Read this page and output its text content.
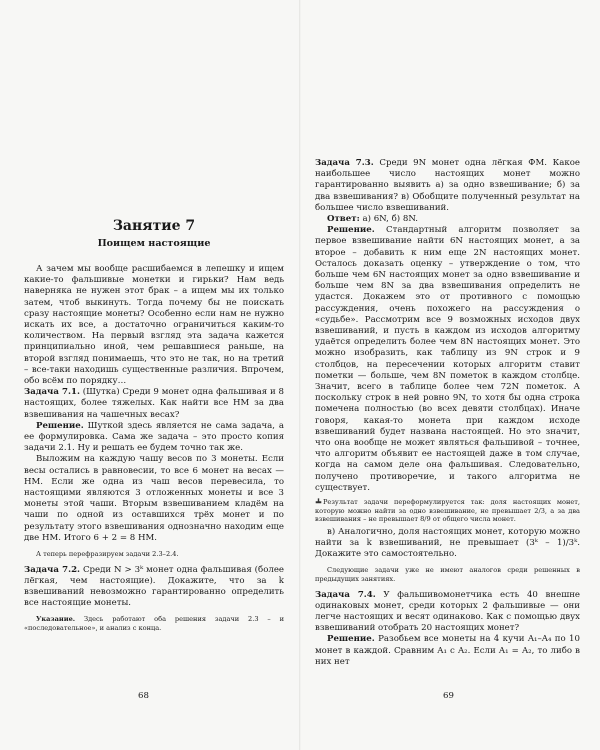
Занятие 7

Поищем настоящие

А зачем мы вообще расшибаемся в лепешку и ищем какие-то фальшивые монетки и гирьки? Нам ведь наверняка не нужен этот брак – а ищем мы их только затем, чтоб выкинуть. Тогда почему бы не поискать сразу настоящие монеты? Особенно если нам не нужно искать их все, а достаточно ограничиться каким-то количеством. На первый взгляд эта задача кажется принципиально иной, чем решавшиеся раньше, на второй взгляд понимаешь, что это не так, но на третий – все-таки находишь существенные различия. Впрочем, обо всём по порядку…

Задача 7.1. (Шутка) Среди 9 монет одна фальшивая и 8 настоящих, более тяжелых. Как найти все НМ за два взвешивания на чашечных весах?

Решение. Шуткой здесь является не сама задача, а ее формулировка. Сама же задача – это просто копия задачи 2.1. Ну и решать ее будем точно так же.

Выложим на каждую чашу весов по 3 монеты. Если весы остались в равновесии, то все 6 монет на весах — НМ. Если же одна из чаш весов перевесила, то настоящими являются 3 отложенных монеты и все 3 монеты этой чаши. Вторым взвешиванием кладём на чаши по одной из оставшихся трёх монет и по результату этого взвешивания однозначно находим еще две НМ. Итого 6 + 2 = 8 НМ.

А теперь перефразируем задачи 2.3–2.4.

Задача 7.2. Среди N > 3ᵏ монет одна фальшивая (более лёгкая, чем настоящие). Докажите, что за k взвешиваний невозможно гарантированно определить все настоящие монеты.

Указание. Здесь работают оба решения задачи 2.3 – и «последовательное», и анализ с конца.

68

Задача 7.3. Среди 9N монет одна лёгкая ФМ. Какое наибольшее число настоящих монет можно гарантированно выявить а) за одно взвешивание; б) за два взвешивания? в) Обобщите полученный результат на большее число взвешиваний.

Ответ: а) 6N, б) 8N.

Решение. Стандартный алгоритм позволяет за первое взвешивание найти 6N настоящих монет, а за второе – добавить к ним еще 2N настоящих монет. Осталось доказать оценку – утверждение о том, что больше чем 6N настоящих монет за одно взвешивание и больше чем 8N за два взвешивания определить не удастся. Докажем это от противного с помощью рассуждения, очень похожего на рассуждения о «судьбе». Рассмотрим все 9 возможных исходов двух взвешиваний, и пусть в каждом из исходов алгоритму удаётся определить более чем 8N настоящих монет. Это можно изобразить, как таблицу из 9N строк и 9 столбцов, на пересечении которых алгоритм ставит пометки — больше, чем 8N пометок в каждом столбце. Значит, всего в таблице более чем 72N пометок. А поскольку строк в ней ровно 9N, то хотя бы одна строка помечена полностью (во всех девяти столбцах). Иначе говоря, какая-то монета при каждом исходе взвешиваний будет названа настоящей. Но это значит, что она вообще не может являться фальшивой – точнее, что алгоритм объявит ее настоящей даже в том случае, когда на самом деле она фальшивая. Следовательно, получено противоречие, и такого алгоритма не существует.

Результат задачи переформулируется так: доля настоящих монет, которую можно найти за одно взвешивание, не превышает 2/3, а за два взвешивания – не превышает 8/9 от общего числа монет.

в) Аналогично, доля настоящих монет, которую можно найти за k взвешиваний, не превышает (3ᵏ – 1)/3ᵏ. Докажите это самостоятельно.

Следующие задачи уже не имеют аналогов среди решенных в предыдущих занятиях.

Задача 7.4. У фальшивомонетчика есть 40 внешне одинаковых монет, среди которых 2 фальшивые — они легче настоящих и весят одинаково. Как с помощью двух взвешиваний отобрать 20 настоящих монет?

Решение. Разобьем все монеты на 4 кучи A₁–A₄ по 10 монет в каждой. Сравним A₁ с A₂. Если A₁ = A₂, то либо в них нет

69
